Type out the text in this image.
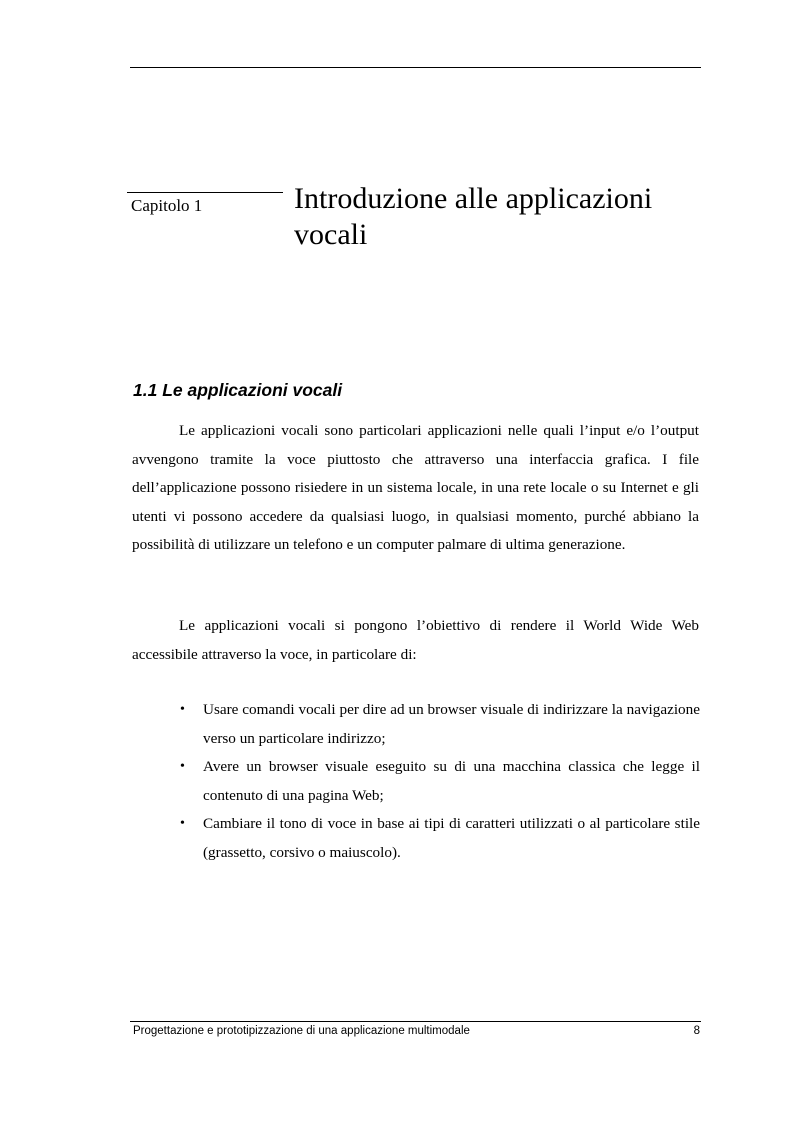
Capitolo 1	Introduzione alle applicazioni vocali
1.1 Le applicazioni vocali

Le applicazioni vocali sono particolari applicazioni nelle quali l’input e/o l’output avvengono tramite la voce piuttosto che attraverso una interfaccia grafica. I file dell’applicazione possono risiedere in un sistema locale, in una rete locale o su Internet e gli utenti vi possono accedere da qualsiasi luogo, in qualsiasi momento, purché abbiano la possibilità di utilizzare un telefono e un computer palmare di ultima generazione.

Le applicazioni vocali si pongono l’obiettivo di rendere il World Wide Web accessibile attraverso la voce, in particolare di:

• Usare comandi vocali per dire ad un browser visuale di indirizzare la navigazione verso un particolare indirizzo;
• Avere un browser visuale eseguito su di una macchina classica che legge il contenuto di una pagina Web;
• Cambiare il tono di voce in base ai tipi di caratteri utilizzati o al particolare stile (grassetto, corsivo o maiuscolo).
Progettazione e prototipizzazione di una applicazione multimodale	8
